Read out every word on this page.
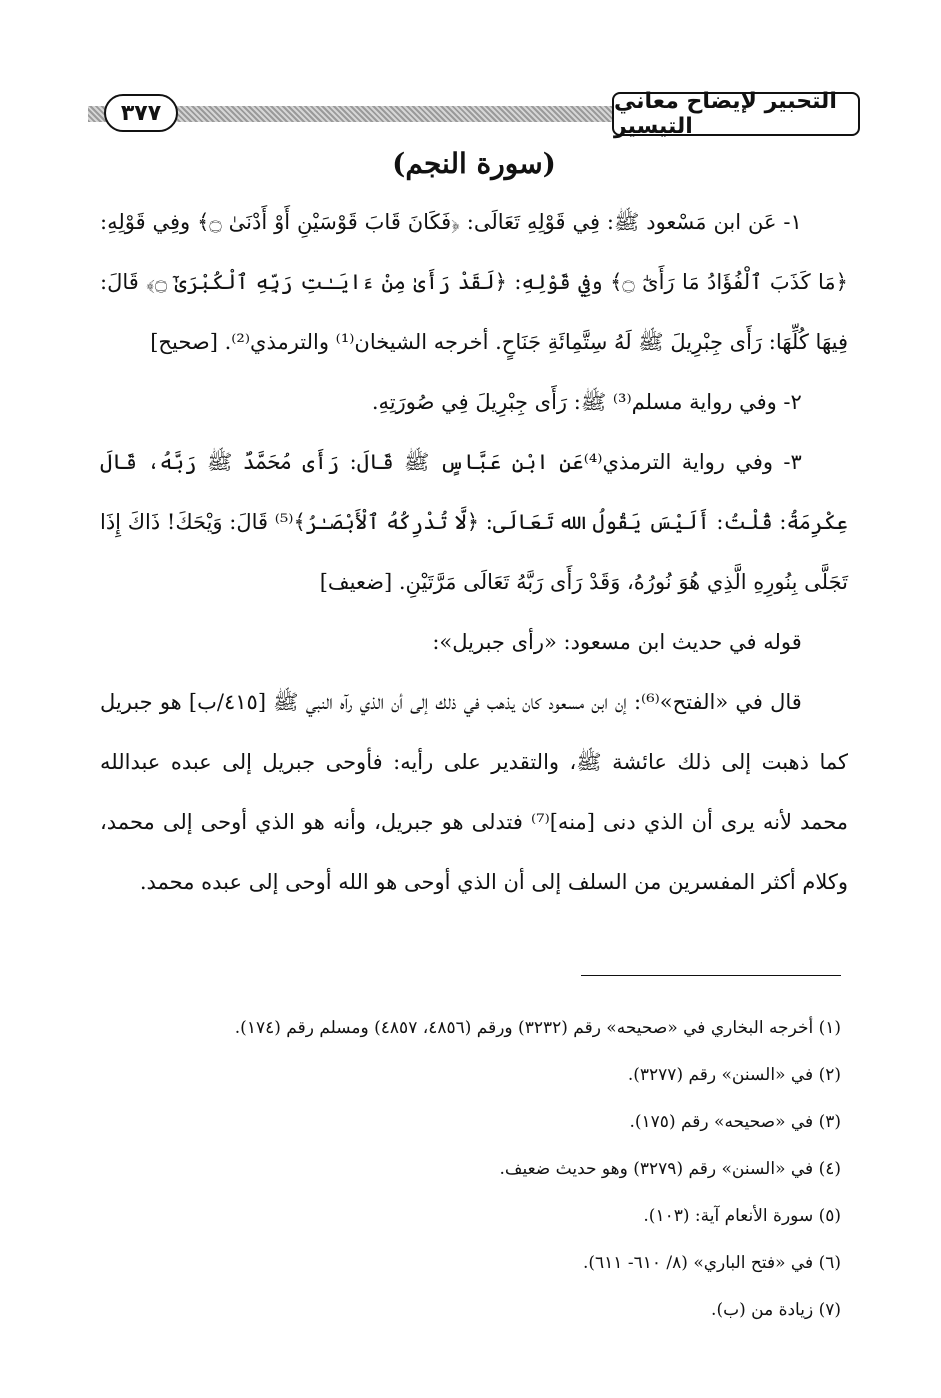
التحبير لإيضاح معاني التيسير
٣٧٧

(سورة النجم)

١- عَن ابن مَسْعود ﷺ: فِي قَوْلِهِ تَعَالَى: ﴿فَكَانَ قَابَ قَوْسَيْنِ أَوْ أَدْنَىٰ ۝﴾ وفِي قَوْلِهِ: ﴿مَا كَذَبَ ٱلْفُؤَادُ مَا رَأَىٰٓ ۝﴾ وفِي قَوْلِهِ: ﴿لَقَدْ رَأَىٰ مِنْ ءَايَـٰتِ رَبِّهِ ٱلْكُبْرَىٰٓ ۝﴾ قَالَ: فِيهَا كُلِّهَا: رَأَى جِبْرِيلَ ﷺ لَهُ سِتَّمِائَةِ جَنَاحٍ. أخرجه الشيخان⁽¹⁾ والترمذي⁽²⁾. [صحيح]

٢- وفي رواية مسلم⁽³⁾ ﷺ: رَأَى جِبْرِيلَ فِي صُورَتِهِ.

٣- وفي رواية الترمذي⁽⁴⁾عَنِ ابْنِ عَبَّاسٍ ﷺ قَالَ: رَأَى مُحَمَّدٌ ﷺ رَبَّهُ، قَالَ عِكْرِمَةُ: قُلْتُ: أَلَيْسَ يَقُولُ الله تَعَالَى: ﴿لَّا تُدْرِكُهُ ٱلْأَبْصَـٰرُ﴾⁽⁵⁾ قَالَ: وَيْحَكَ! ذَاكَ إِذَا تَجَلَّى بِنُورِهِ الَّذِي هُوَ نُورُهُ، وَقَدْ رَأَى رَبَّهُ تَعَالَى مَرَّتَيْنِ. [ضعيف]

قوله في حديث ابن مسعود: «رأى جبريل»:

قال في «الفتح»⁽⁶⁾: إن ابن مسعود كان يذهب في ذلك إلى أن الذي رآه النبي ﷺ [٤١٥/ب] هو جبريل كما ذهبت إلى ذلك عائشة ﷺ، والتقدير على رأيه: فأوحى جبريل إلى عبده عبدالله محمد لأنه يرى أن الذي دنى [منه]⁽⁷⁾ فتدلى هو جبريل، وأنه هو الذي أوحى إلى محمد، وكلام أكثر المفسرين من السلف إلى أن الذي أوحى هو الله أوحى إلى عبده محمد.

(١) أخرجه البخاري في «صحيحه» رقم (٣٢٣٢) ورقم (٤٨٥٦، ٤٨٥٧) ومسلم رقم (١٧٤).

(٢) في «السنن» رقم (٣٢٧٧).

(٣) في «صحيحه» رقم (١٧٥).

(٤) في «السنن» رقم (٣٢٧٩) وهو حديث ضعيف.

(٥) سورة الأنعام آية: (١٠٣).

(٦) في «فتح الباري» (٨/ ٦١٠- ٦١١).

(٧) زيادة من (ب).
